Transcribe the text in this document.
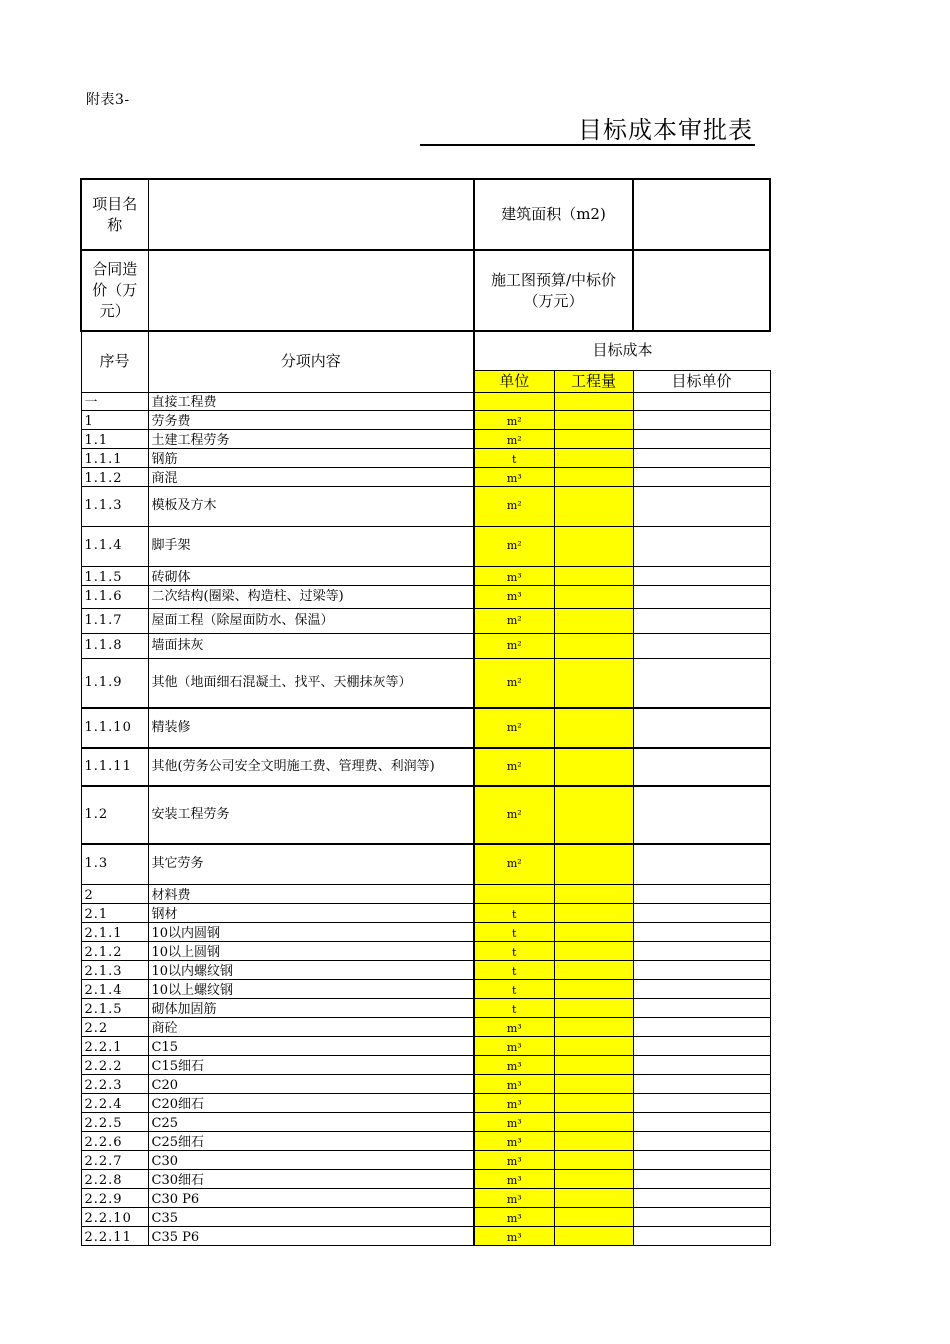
附表3-
目标成本审批表
项目名称		建筑面积（m2)		
合同造价（万元）		施工图预算/中标价（万元）		
序号	分项内容	目标成本		
		单位	工程量	目标单价
一	直接工程费			
1	劳务费	m²		
1.1	土建工程劳务	m²		
1.1.1	钢筋	t		
1.1.2	商混	m³		
1.1.3	模板及方木	m²		
1.1.4	脚手架	m²		
1.1.5	砖砌体	m³		
1.1.6	二次结构(圈梁、构造柱、过梁等)	m³		
1.1.7	屋面工程（除屋面防水、保温）	m²		
1.1.8	墙面抹灰	m²		
1.1.9	其他（地面细石混凝土、找平、天棚抹灰等）	m²		
1.1.10	精装修	m²		
1.1.11	其他(劳务公司安全文明施工费、管理费、利润等)	m²		
1.2	安装工程劳务	m²		
1.3	其它劳务	m²		
2	材料费			
2.1	钢材	t		
2.1.1	10以内圆钢	t		
2.1.2	10以上圆钢	t		
2.1.3	10以内螺纹钢	t		
2.1.4	10以上螺纹钢	t		
2.1.5	砌体加固筋	t		
2.2	商砼	m³		
2.2.1	C15	m³		
2.2.2	C15细石	m³		
2.2.3	C20	m³		
2.2.4	C20细石	m³		
2.2.5	C25	m³		
2.2.6	C25细石	m³		
2.2.7	C30	m³		
2.2.8	C30细石	m³		
2.2.9	C30 P6	m³		
2.2.10	C35	m³		
2.2.11	C35 P6	m³		
